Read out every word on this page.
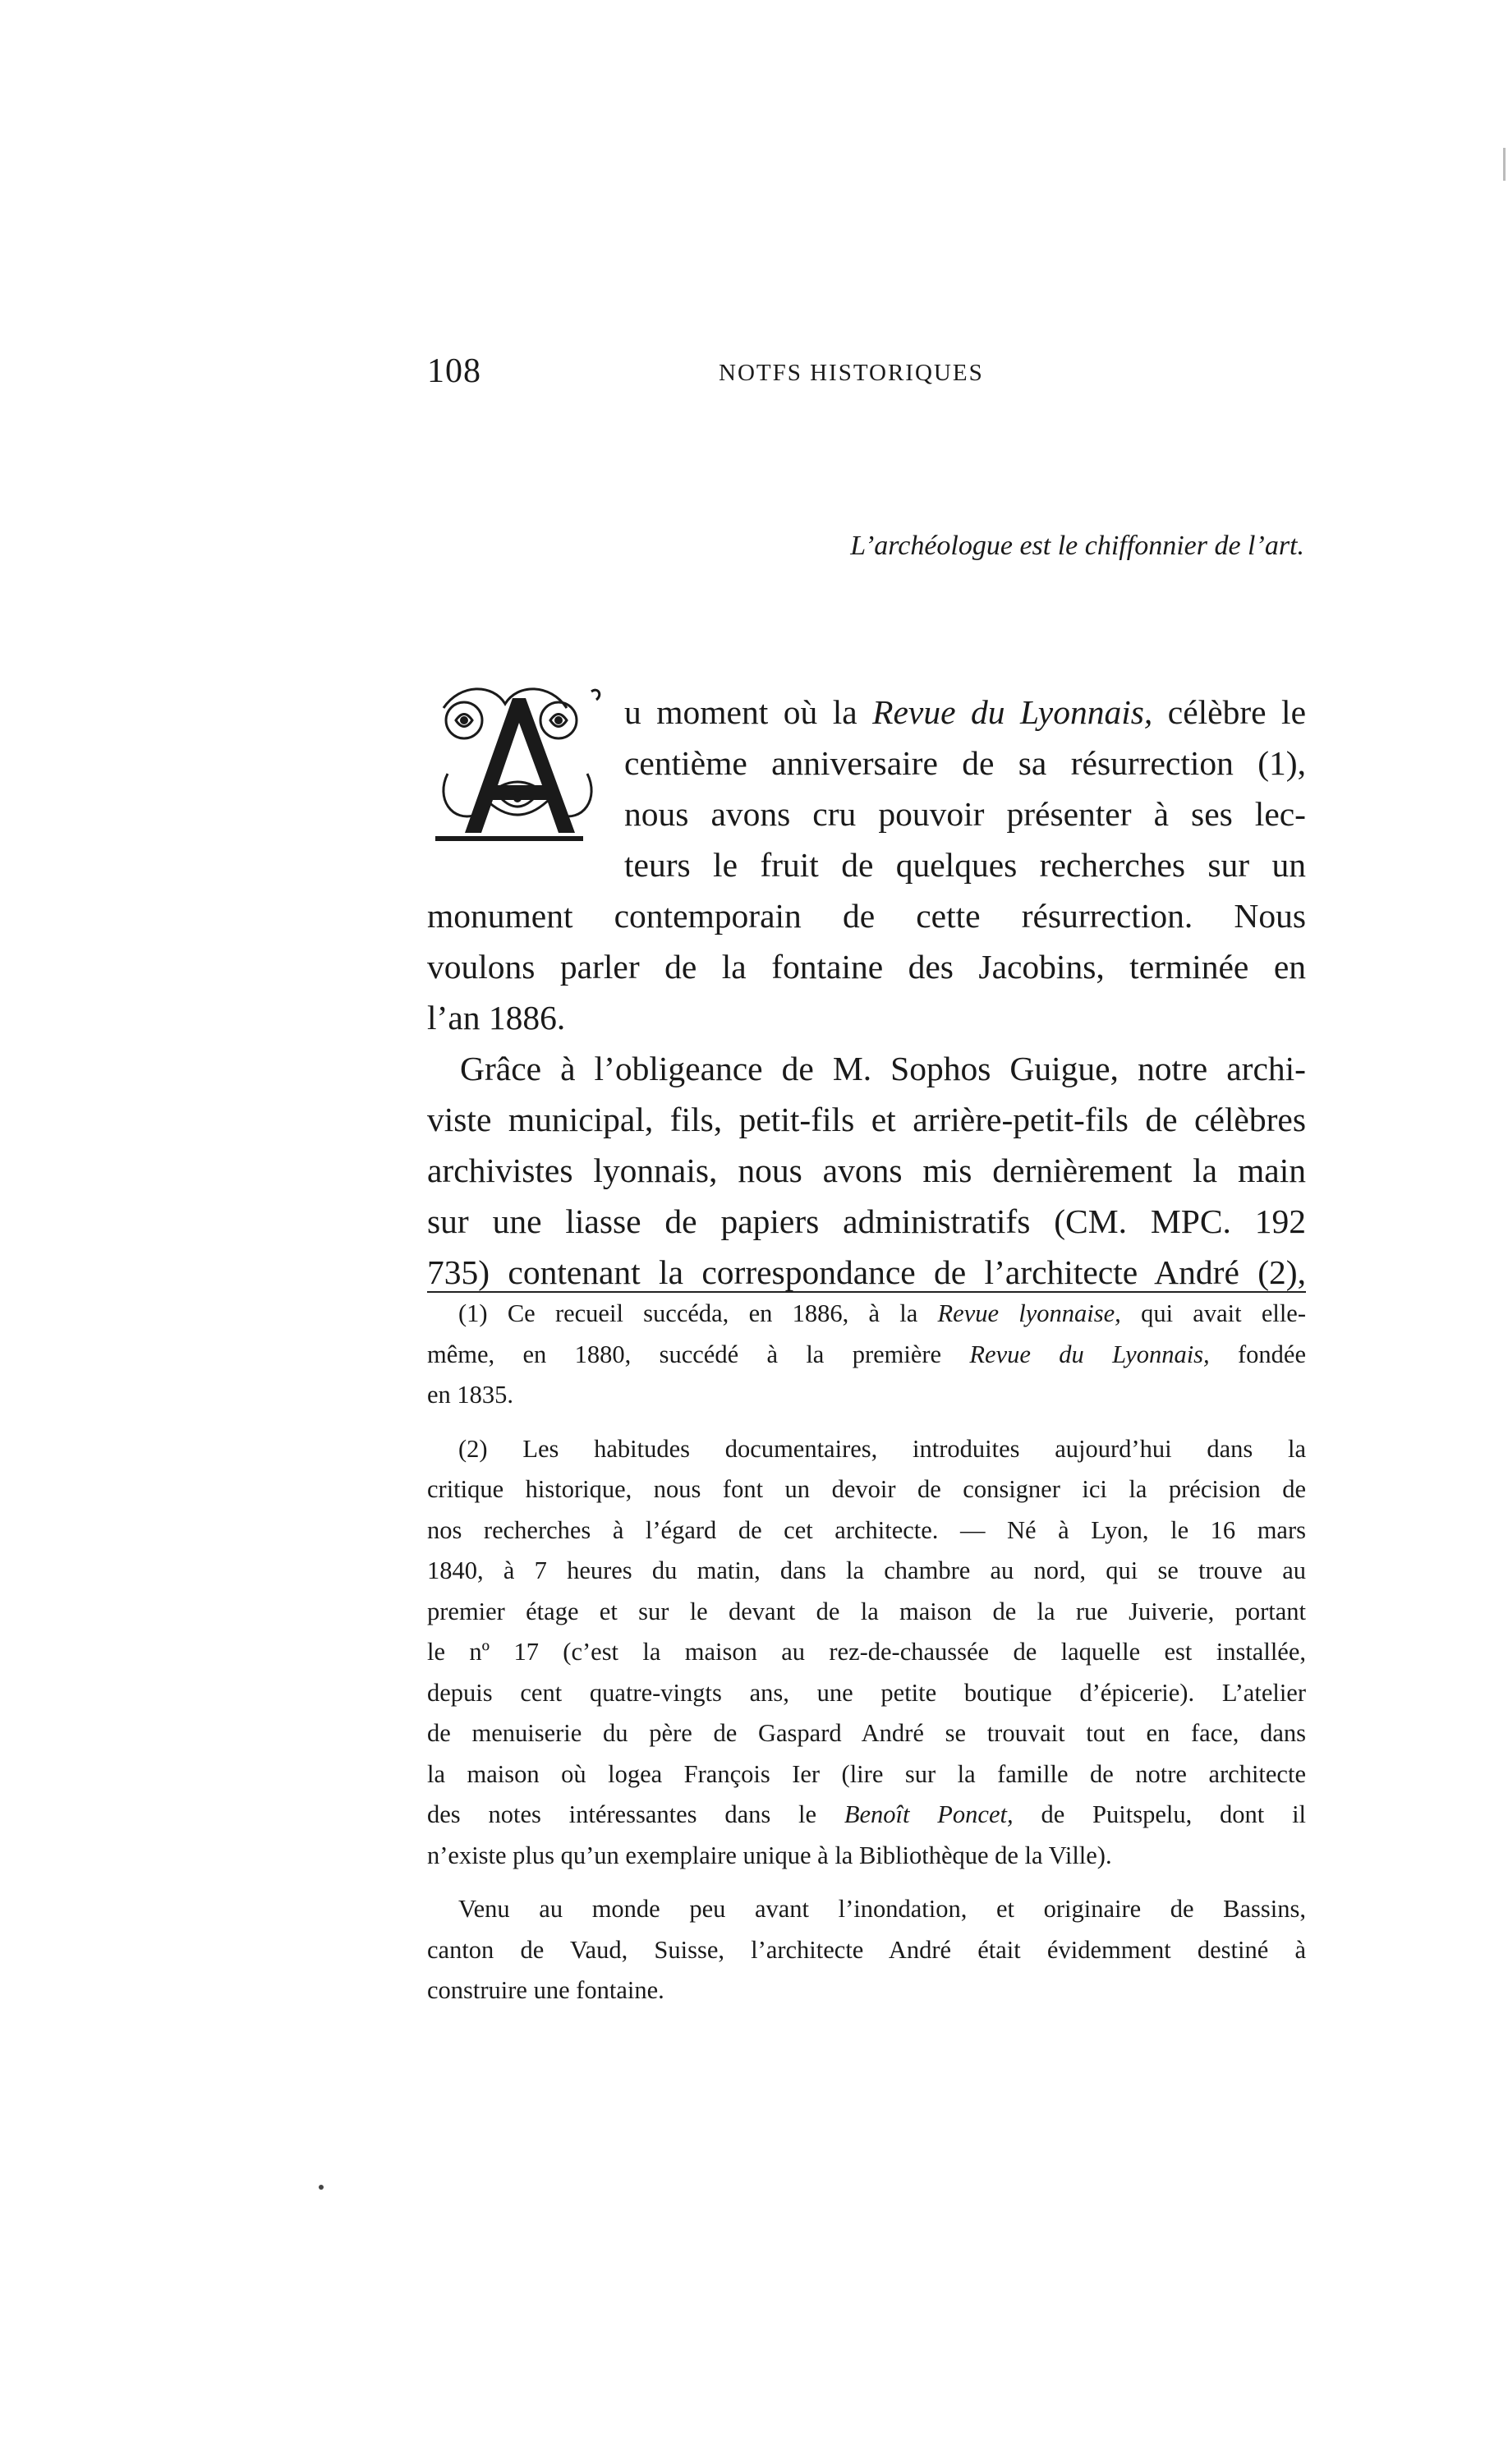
108	NOTFS HISTORIQUES
L’archéologue est le chiffonnier de l’art.
u moment où la Revue du Lyonnais, célèbre le
centième anniversaire de sa résurrection (1),
nous avons cru pouvoir présenter à ses lec-
teurs le fruit de quelques recherches sur un
monument contemporain de cette résurrection. Nous
voulons parler de la fontaine des Jacobins, terminée en
l’an 1886.
Grâce à l’obligeance de M. Sophos Guigue, notre archi-
viste municipal, fils, petit-fils et arrière-petit-fils de célèbres
archivistes lyonnais, nous avons mis dernièrement la main
sur une liasse de papiers administratifs (CM. MPC. 192
735) contenant la correspondance de l’architecte André (2),
(1) Ce recueil succéda, en 1886, à la Revue lyonnaise, qui avait elle-
même, en 1880, succédé à la première Revue du Lyonnais, fondée
en 1835.
(2) Les habitudes documentaires, introduites aujourd’hui dans la
critique historique, nous font un devoir de consigner ici la précision de
nos recherches à l’égard de cet architecte. — Né à Lyon, le 16 mars
1840, à 7 heures du matin, dans la chambre au nord, qui se trouve au
premier étage et sur le devant de la maison de la rue Juiverie, portant
le nº 17 (c’est la maison au rez-de-chaussée de laquelle est installée,
depuis cent quatre-vingts ans, une petite boutique d’épicerie). L’atelier
de menuiserie du père de Gaspard André se trouvait tout en face, dans
la maison où logea François Ier (lire sur la famille de notre architecte
des notes intéressantes dans le Benoît Poncet, de Puitspelu, dont il
n’existe plus qu’un exemplaire unique à la Bibliothèque de la Ville).
Venu au monde peu avant l’inondation, et originaire de Bassins,
canton de Vaud, Suisse, l’architecte André était évidemment destiné à
construire une fontaine.
